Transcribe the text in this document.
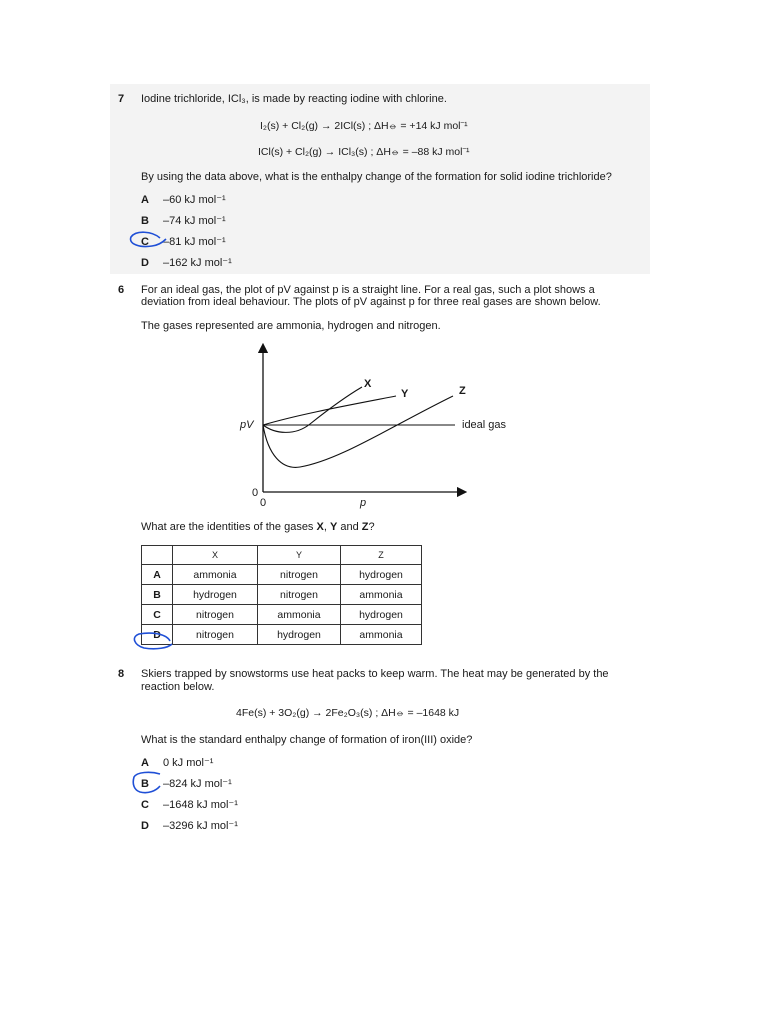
7 Iodine trichloride, ICl₃, is made by reacting iodine with chlorine.
I₂(s) + Cl₂(g) → 2ICl(s) ; ΔH⦵ = +14 kJ mol⁻¹
ICl(s) + Cl₂(g) → ICl₃(s) ; ΔH⦵ = –88 kJ mol⁻¹
By using the data above, what is the enthalpy change of the formation for solid iodine trichloride?
A –60 kJ mol⁻¹
B –74 kJ mol⁻¹
C –81 kJ mol⁻¹
D –162 kJ mol⁻¹
6 For an ideal gas, the plot of pV against p is a straight line. For a real gas, such a plot shows a
deviation from ideal behaviour. The plots of pV against p for three real gases are shown below.
The gases represented are ammonia, hydrogen and nitrogen.
pV
0
0	p
X
Y	Z
ideal gas
What are the identities of the gases X, Y and Z?
	X	Y	Z
A	ammonia	nitrogen	hydrogen
B	hydrogen	nitrogen	ammonia
C	nitrogen	ammonia	hydrogen
D	nitrogen	hydrogen	ammonia
8 Skiers trapped by snowstorms use heat packs to keep warm. The heat may be generated by the
reaction below.
4Fe(s) + 3O₂(g) → 2Fe₂O₃(s) ; ΔH⦵ = –1648 kJ
What is the standard enthalpy change of formation of iron(III) oxide?
A 0 kJ mol⁻¹
B –824 kJ mol⁻¹
C –1648 kJ mol⁻¹
D –3296 kJ mol⁻¹
